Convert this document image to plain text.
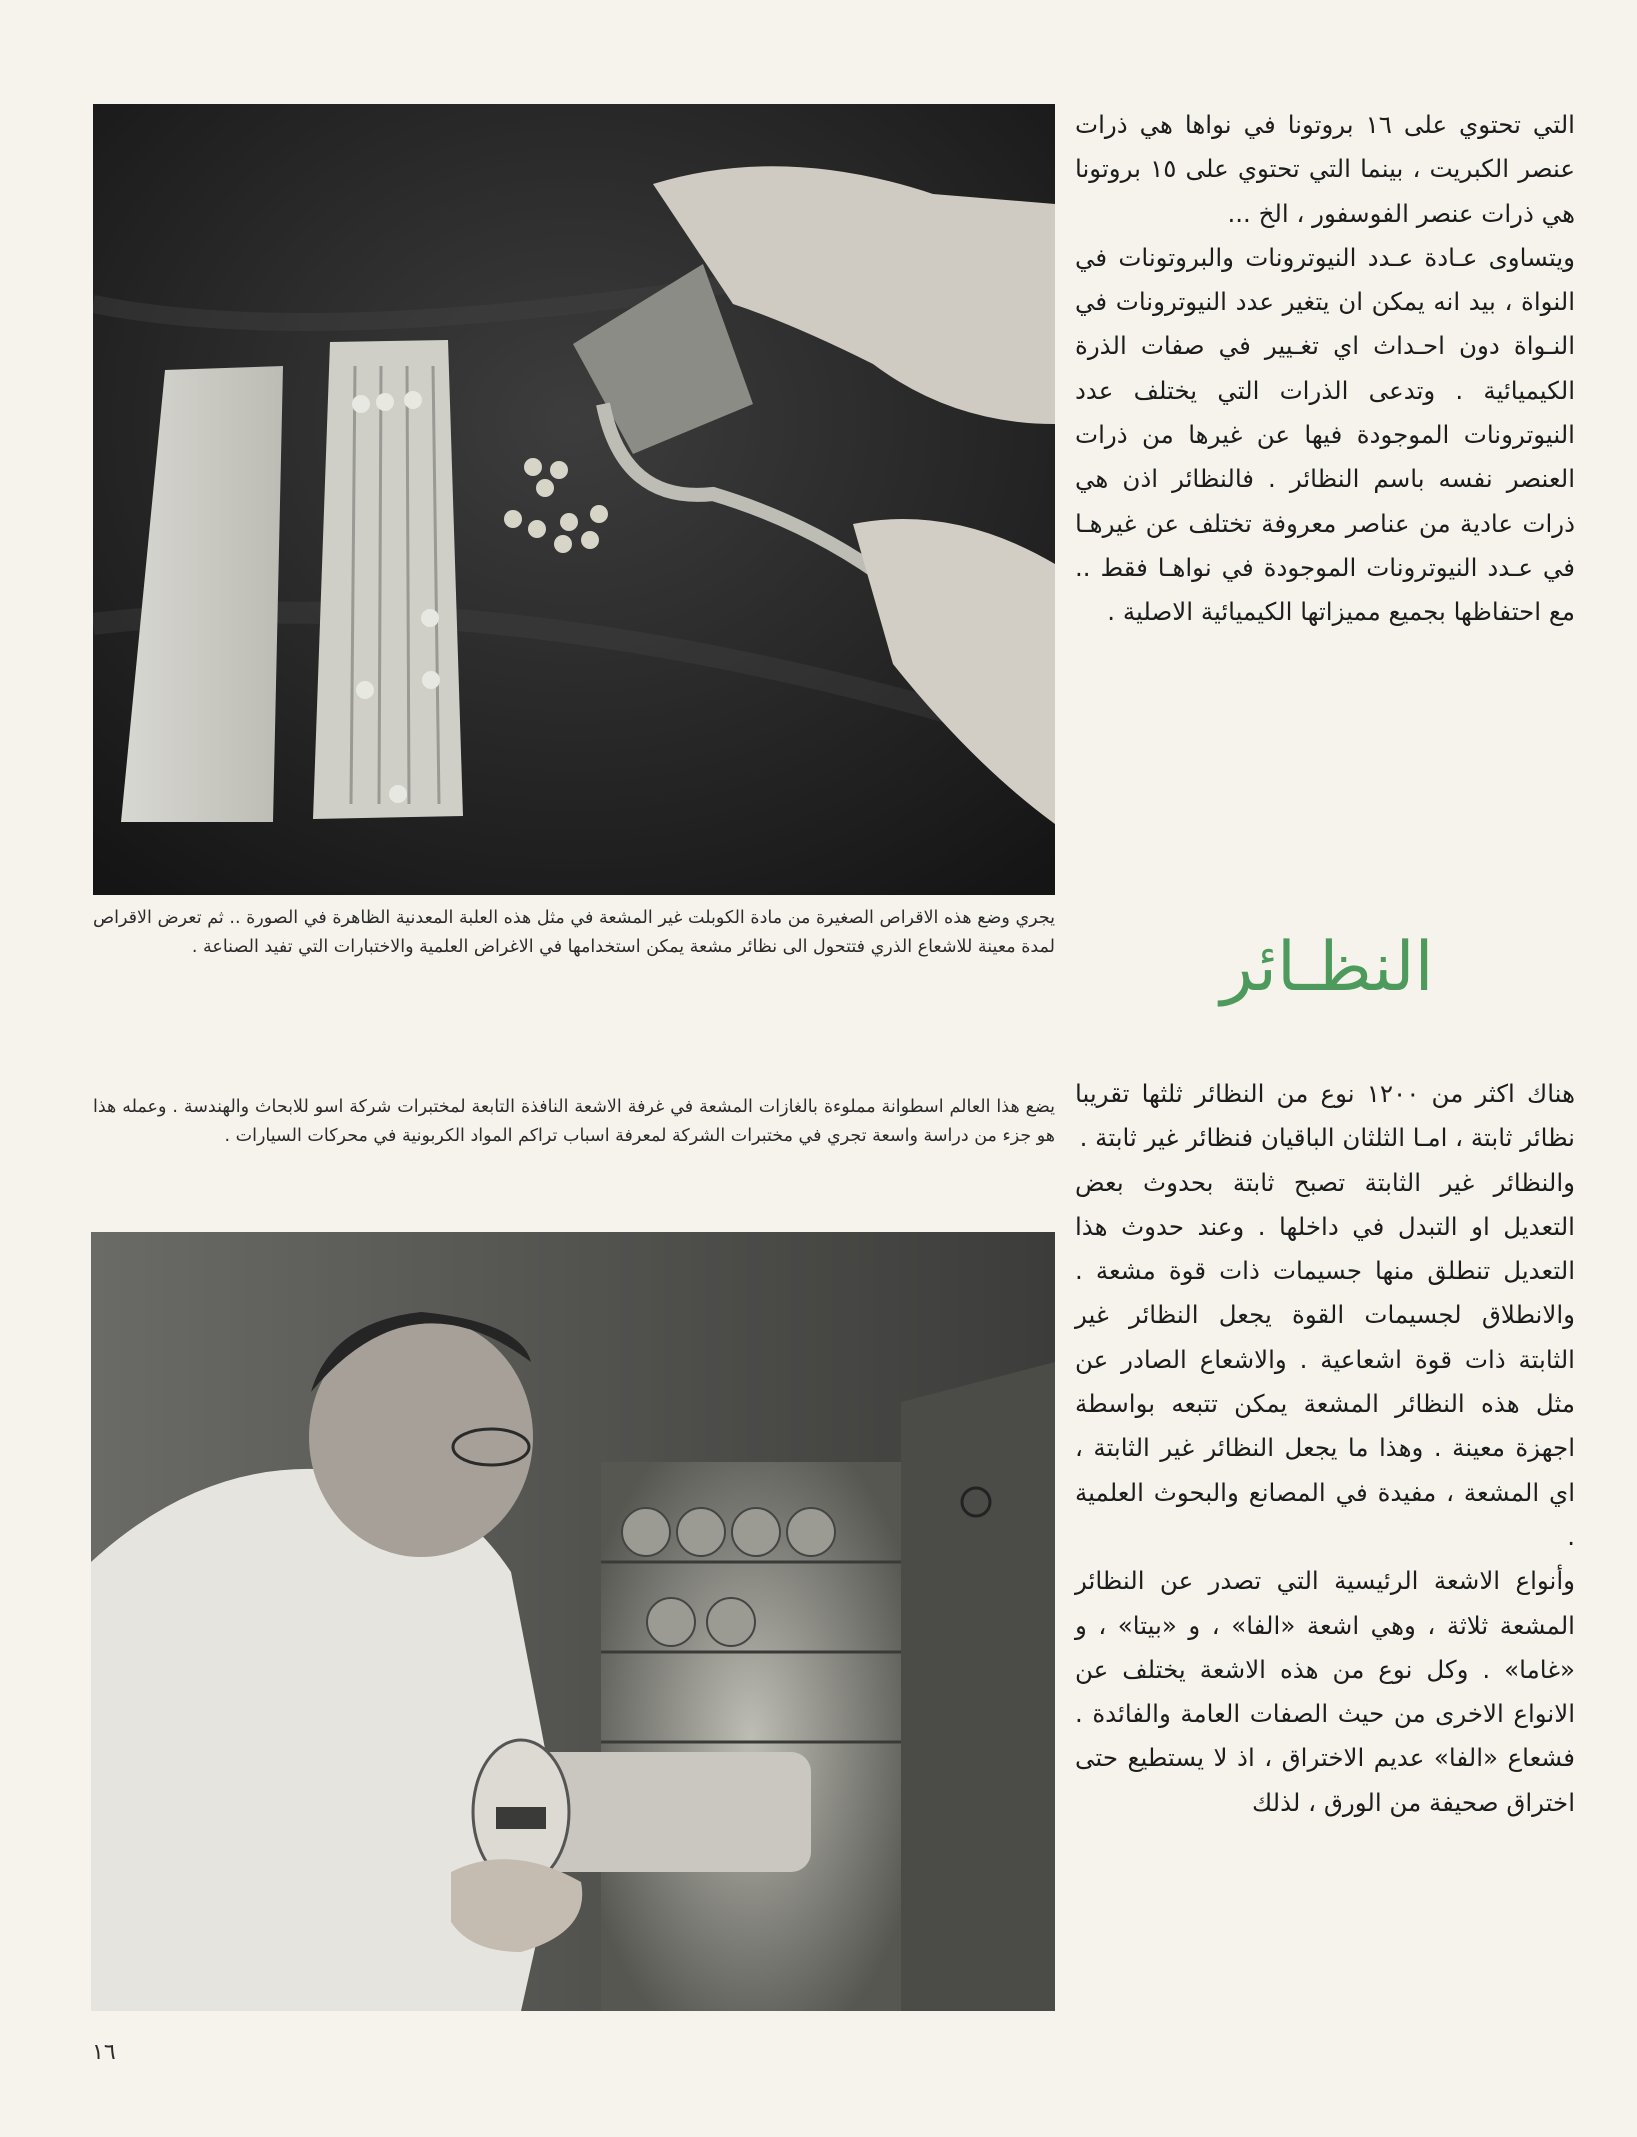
يجري وضع هذه الاقراص الصغيرة من مادة الكوبلت غير المشعة في مثل هذه العلبة المعدنية الظاهرة في الصورة .. ثم تعرض الاقراص لمدة معينة للاشعاع الذري فتتحول الى نظائر مشعة يمكن استخدامها في الاغراض العلمية والاختبارات التي تفيد الصناعة .
يضع هذا العالم اسطوانة مملوءة بالغازات المشعة في غرفة الاشعة النافذة التابعة لمختبرات شركة اسو للابحاث والهندسة . وعمله هذا هو جزء من دراسة واسعة تجري في مختبرات الشركة لمعرفة اسباب تراكم المواد الكربونية في محركات السيارات .

التي تحتوي على ١٦ بروتونا في نواها هي ذرات عنصر الكبريت ، بينما التي تحتوي على ١٥ بروتونا هي ذرات عنصر الفوسفور ، الخ ...

ويتساوى عـادة عـدد النيوترونات والبروتونات في النواة ، بيد انه يمكن ان يتغير عدد النيوترونات في النـواة دون احـداث اي تغـيير في صفات الذرة الكيميائية . وتدعى الذرات التي يختلف عدد النيوترونات الموجودة فيها عن غيرها من ذرات العنصر نفسه باسم النظائر . فالنظائر اذن هي ذرات عادية من عناصر معروفة تختلف عن غيرهـا في عـدد النيوترونات الموجودة في نواهـا فقط .. مع احتفاظها بجميع مميزاتها الكيميائية الاصلية .

النظـائر

هناك اكثر من ١٢٠٠ نوع من النظائر ثلثها تقريبا نظائر ثابتة ، امـا الثلثان الباقيان فنظائر غير ثابتة .

والنظائر غير الثابتة تصبح ثابتة بحدوث بعض التعديل او التبدل في داخلها . وعند حدوث هذا التعديل تنطلق منها جسيمات ذات قوة مشعة . والانطلاق لجسيمات القوة يجعل النظائر غير الثابتة ذات قوة اشعاعية . والاشعاع الصادر عن مثل هذه النظائر المشعة يمكن تتبعه بواسطة اجهزة معينة . وهذا ما يجعل النظائر غير الثابتة ، اي المشعة ، مفيدة في المصانع والبحوث العلمية .

وأنواع الاشعة الرئيسية التي تصدر عن النظائر المشعة ثلاثة ، وهي اشعة «الفا» ، و «بيتا» ، و «غاما» . وكل نوع من هذه الاشعة يختلف عن الانواع الاخرى من حيث الصفات العامة والفائدة . فشعاع «الفا» عديم الاختراق ، اذ لا يستطيع حتى اختراق صحيفة من الورق ، لذلك

١٦
